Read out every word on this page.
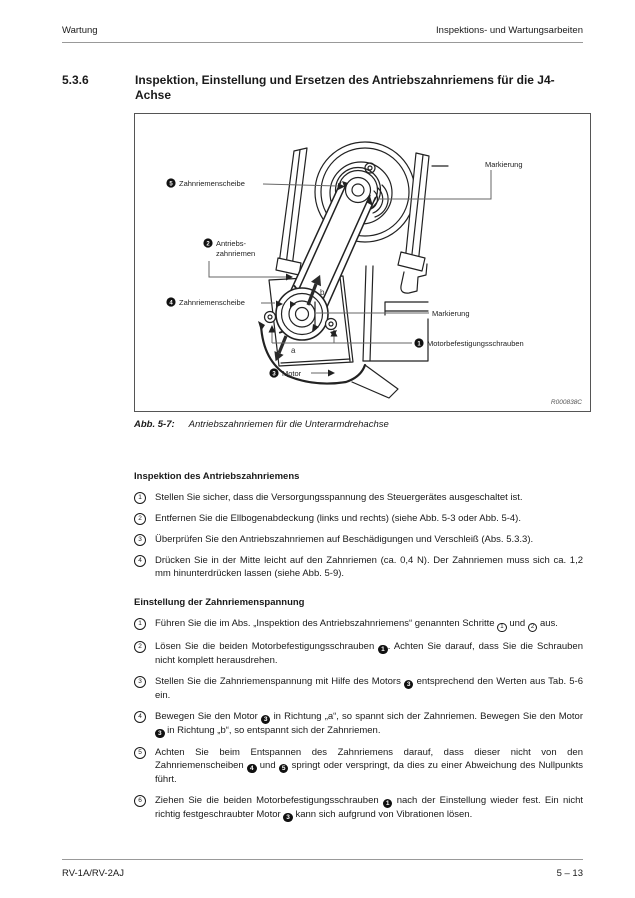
Wartung	Inspektions- und Wartungsarbeiten
5.3.6	Inspektion, Einstellung und Ersetzen des Antriebszahnriemens für die J4-Achse
b
a
5 Zahnriemenscheibe
Markierung
2 Antriebs-
zahnriemen
4 Zahnriemenscheibe
Markierung
1 Motorbefestigungsschrauben
3 Motor
R000838C
Abb. 5-7: Antriebszahnriemen für die Unterarmdrehachse

Inspektion des Antriebszahnriemens

1	Stellen Sie sicher, dass die Versorgungsspannung des Steuergerätes ausgeschaltet ist.
2	Entfernen Sie die Ellbogenabdeckung (links und rechts) (siehe Abb. 5-3 oder Abb. 5-4).
3	Überprüfen Sie den Antriebszahnriemen auf Beschädigungen und Verschleiß (Abs. 5.3.3).
4	Drücken Sie in der Mitte leicht auf den Zahnriemen (ca. 0,4 N). Der Zahnriemen muss sich ca. 1,2 mm hinunterdrücken lassen (siehe Abb. 5-9).

Einstellung der Zahnriemenspannung

1	Führen Sie die im Abs. „Inspektion des Antriebszahnriemens“ genannten Schritte 1 und 2 aus.
2	Lösen Sie die beiden Motorbefestigungsschrauben 1 . Achten Sie darauf, dass Sie die Schrauben nicht komplett herausdrehen.
3	Stellen Sie die Zahnriemenspannung mit Hilfe des Motors 3 entsprechend den Werten aus Tab. 5-6 ein.
4	Bewegen Sie den Motor 3 in Richtung „a“, so spannt sich der Zahnriemen. Bewegen Sie den Motor 3 in Richtung „b“, so entspannt sich der Zahnriemen.
5	Achten Sie beim Entspannen des Zahnriemens darauf, dass dieser nicht von den Zahnriemenscheiben 4 und 5 springt oder verspringt, da dies zu einer Abweichung des Nullpunkts führt.
6	Ziehen Sie die beiden Motorbefestigungsschrauben 1 nach der Einstellung wieder fest. Ein nicht richtig festgeschraubter Motor 3 kann sich aufgrund von Vibrationen lösen.
RV-1A/RV-2AJ	5 – 13
